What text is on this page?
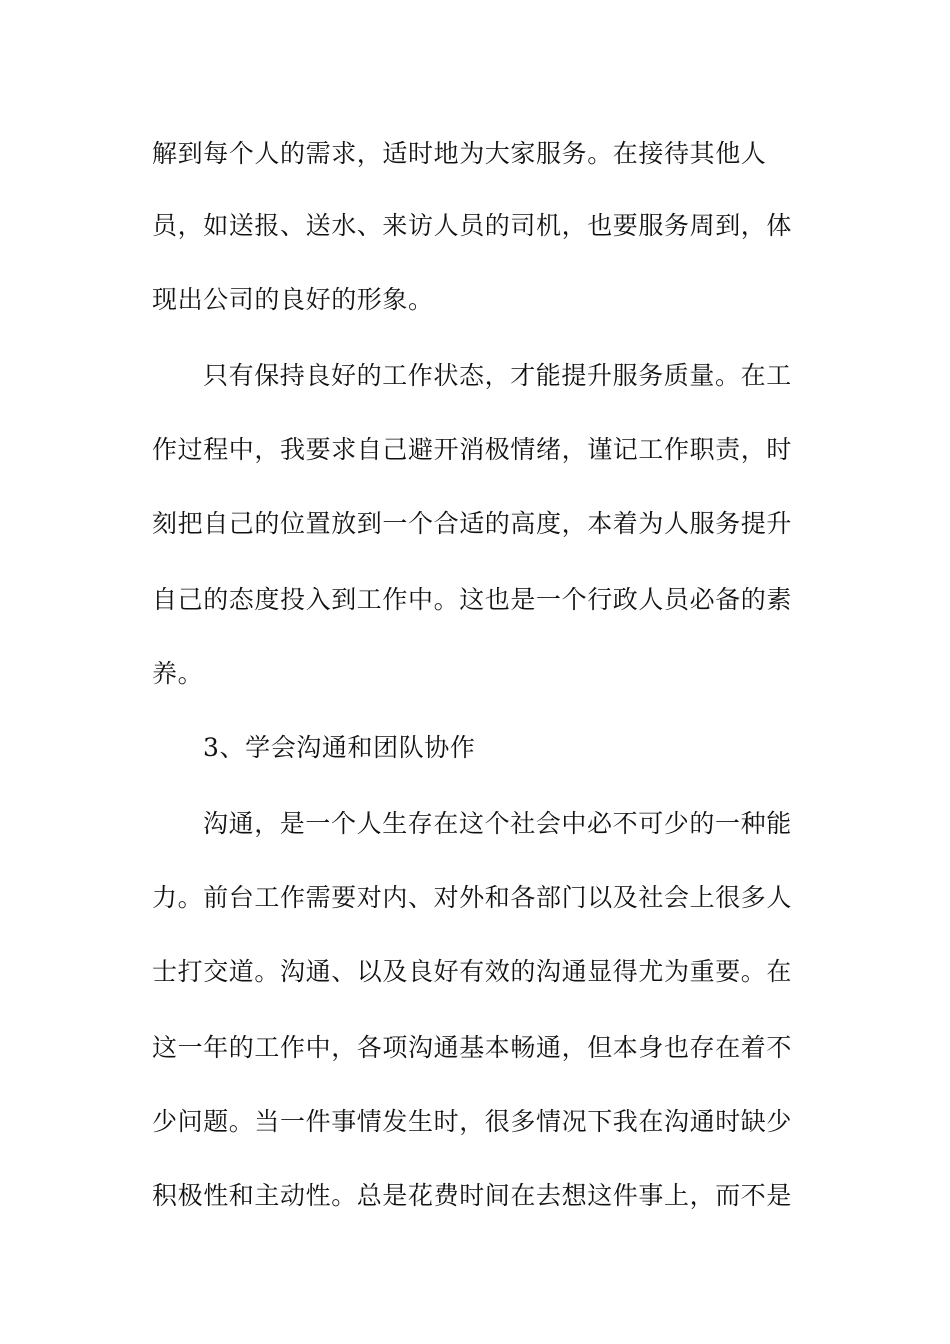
解到每个人的需求，适时地为大家服务。在接待其他人
员，如送报、送水、来访人员的司机，也要服务周到，体
现出公司的良好的形象。
只有保持良好的工作状态，才能提升服务质量。在工
作过程中，我要求自己避开消极情绪，谨记工作职责，时
刻把自己的位置放到一个合适的高度，本着为人服务提升
自己的态度投入到工作中。这也是一个行政人员必备的素
养。
3、学会沟通和团队协作
沟通，是一个人生存在这个社会中必不可少的一种能
力。前台工作需要对内、对外和各部门以及社会上很多人
士打交道。沟通、以及良好有效的沟通显得尤为重要。在
这一年的工作中，各项沟通基本畅通，但本身也存在着不
少问题。当一件事情发生时，很多情况下我在沟通时缺少
积极性和主动性。总是花费时间在去想这件事上，而不是
